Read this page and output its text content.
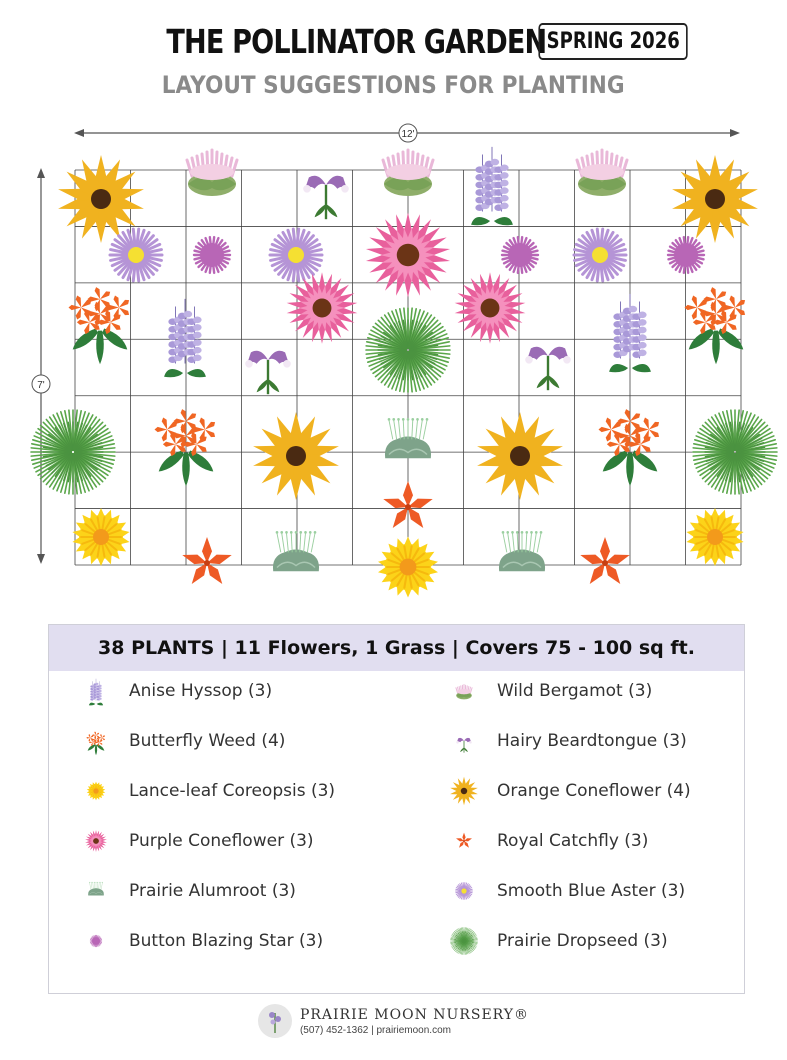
THE POLLINATOR GARDEN SPRING 2026
LAYOUT SUGGESTIONS FOR PLANTING
12'
7'
38 PLANTS | 11 Flowers, 1 Grass | Covers 75 - 100 sq ft.
Anise Hyssop (3)
Butterfly Weed (4)
Lance-leaf Coreopsis (3)
Purple Coneflower (3)
Prairie Alumroot (3)
Button Blazing Star (3)
Wild Bergamot (3)
Hairy Beardtongue (3)
Orange Coneflower (4)
Royal Catchfly (3)
Smooth Blue Aster (3)
Prairie Dropseed (3)
PRAIRIE MOON NURSERY®
(507) 452-1362 | prairiemoon.com
